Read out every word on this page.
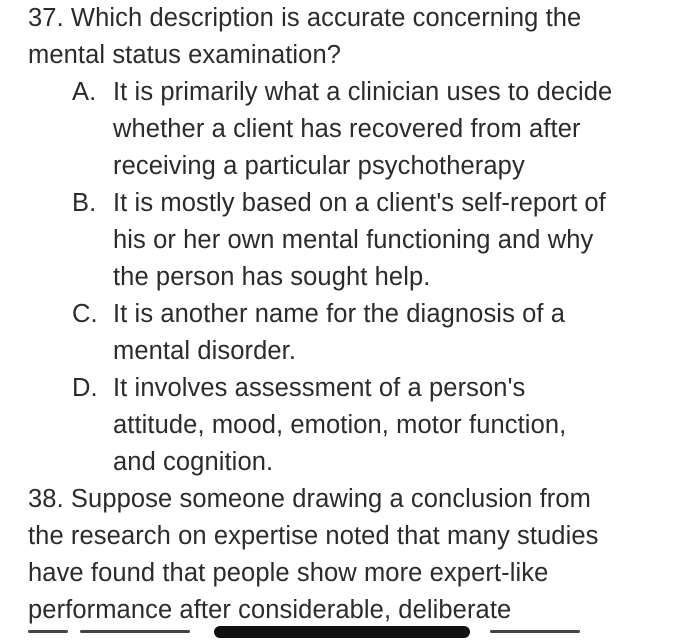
37. Which description is accurate concerning the
mental status examination?
A. It is primarily what a clinician uses to decide
whether a client has recovered from after
receiving a particular psychotherapy
B. It is mostly based on a client's self-report of
his or her own mental functioning and why
the person has sought help.
C. It is another name for the diagnosis of a
mental disorder.
D. It involves assessment of a person's
attitude, mood, emotion, motor function,
and cognition.
38. Suppose someone drawing a conclusion from
the research on expertise noted that many studies
have found that people show more expert-like
performance after considerable, deliberate
